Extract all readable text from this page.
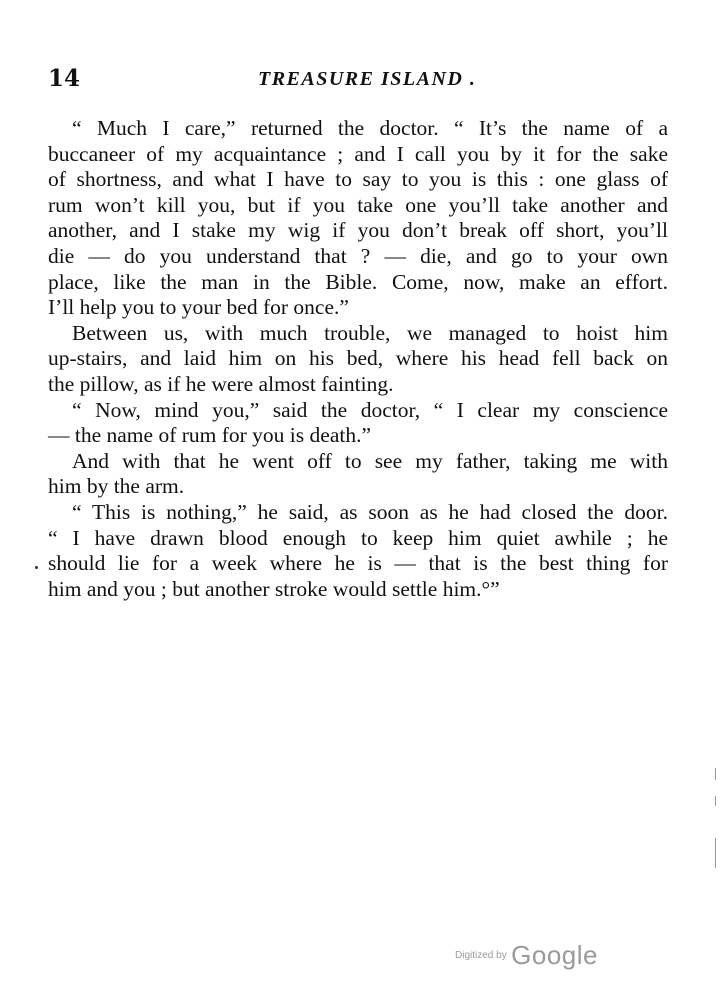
14	TREASURE ISLAND .

“ Much I care,” returned the doctor. “ It’s the name of a
buccaneer of my acquaintance ; and I call you by it for the sake
of shortness, and what I have to say to you is this : one glass of
rum won’t kill you, but if you take one you’ll take another and
another, and I stake my wig if you don’t break off short, you’ll
die — do you understand that ? — die, and go to your own
place, like the man in the Bible. Come, now, make an effort.
I’ll help you to your bed for once.”

Between us, with much trouble, we managed to hoist him
up-stairs, and laid him on his bed, where his head fell back on
the pillow, as if he were almost fainting.

“ Now, mind you,” said the doctor, “ I clear my conscience
— the name of rum for you is death.”

And with that he went off to see my father, taking me with
him by the arm.

“ This is nothing,” he said, as soon as he had closed the door.
“ I have drawn blood enough to keep him quiet awhile ; he
should lie for a week where he is — that is the best thing for
him and you ; but another stroke would settle him.°”

Digitized by Google
